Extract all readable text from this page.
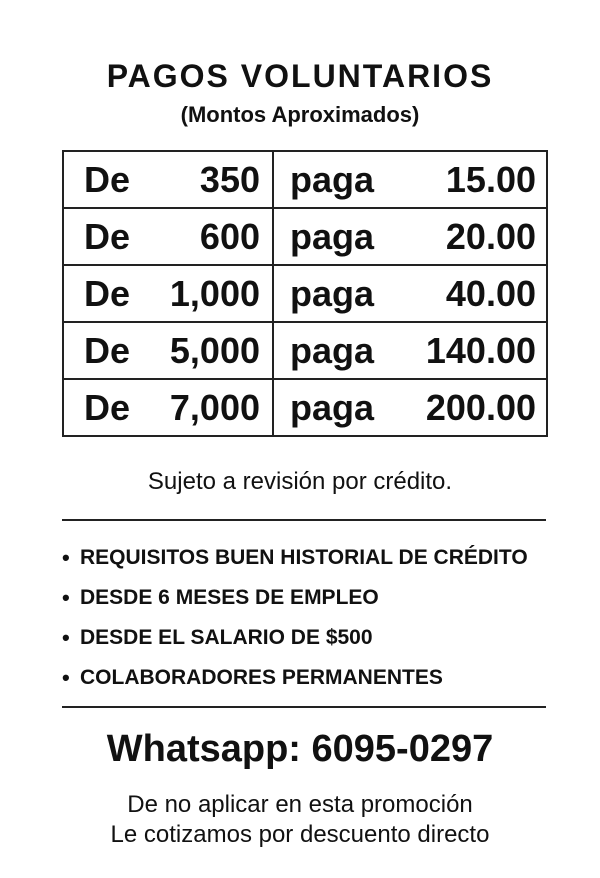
PAGOS VOLUNTARIOS
(Montos Aproximados)
De 350	paga 15.00

De 600	paga 20.00

De 1,000	paga 40.00

De 5,000	paga 140.00

De 7,000	paga 200.00
Sujeto a revisión por crédito.
• REQUISITOS BUEN HISTORIAL DE CRÉDITO
• DESDE 6 MESES DE EMPLEO
• DESDE EL SALARIO DE $500
• COLABORADORES PERMANENTES
Whatsapp: 6095-0297
De no aplicar en esta promoción
Le cotizamos por descuento directo
